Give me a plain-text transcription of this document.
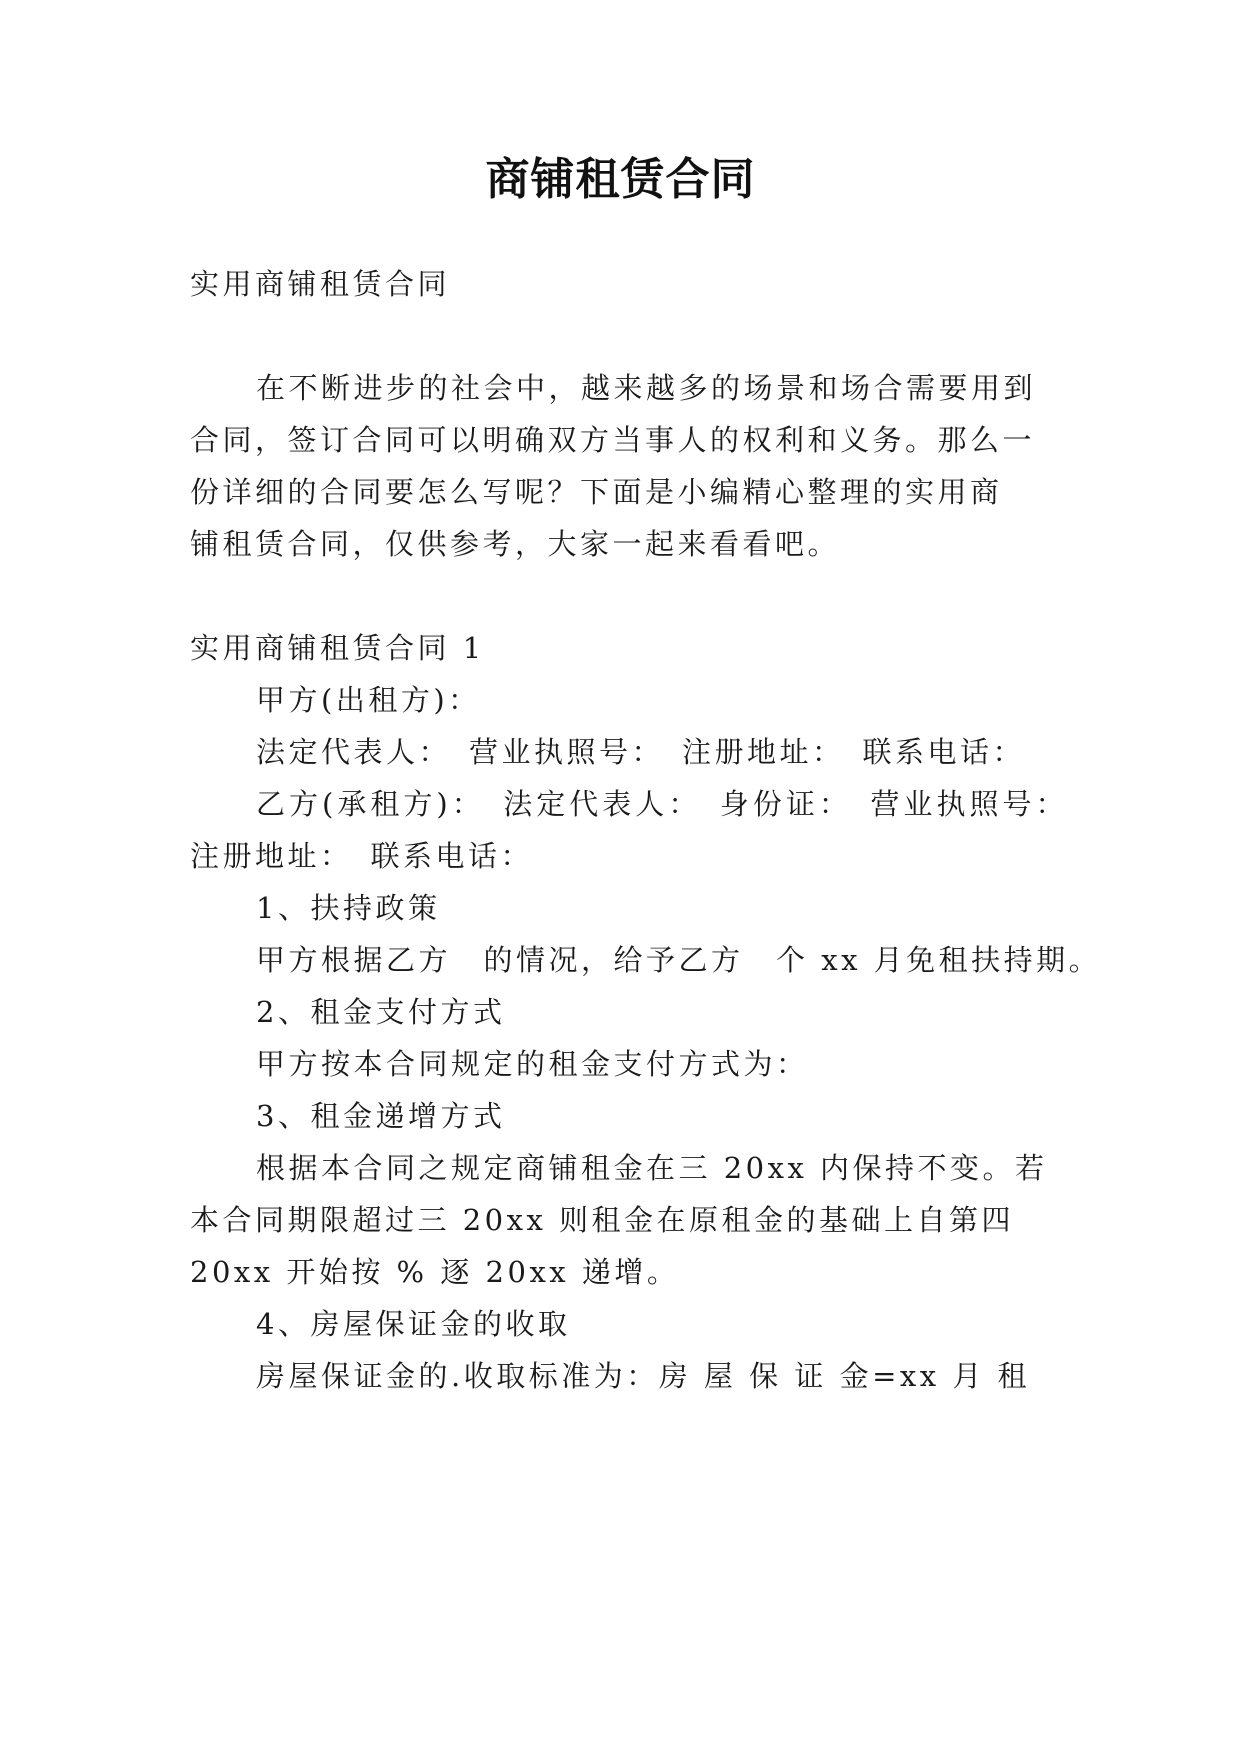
商铺租赁合同
实用商铺租赁合同
在不断进步的社会中，越来越多的场景和场合需要用到
合同，签订合同可以明确双方当事人的权利和义务。那么一
份详细的合同要怎么写呢？下面是小编精心整理的实用商
铺租赁合同，仅供参考，大家一起来看看吧。
实用商铺租赁合同 1
甲方(出租方)：
法定代表人：　营业执照号：　注册地址：　联系电话：
乙方(承租方)：　法定代表人：　身份证：　营业执照号：
注册地址：　联系电话：
1、扶持政策
甲方根据乙方　的情况，给予乙方　个 xx 月免租扶持期。
2、租金支付方式
甲方按本合同规定的租金支付方式为：
3、租金递增方式
根据本合同之规定商铺租金在三 20xx 内保持不变。若
本合同期限超过三 20xx 则租金在原租金的基础上自第四
20xx 开始按 % 逐 20xx 递增。
4、房屋保证金的收取
房屋保证金的.收取标准为：房 屋 保 证 金=xx 月 租
